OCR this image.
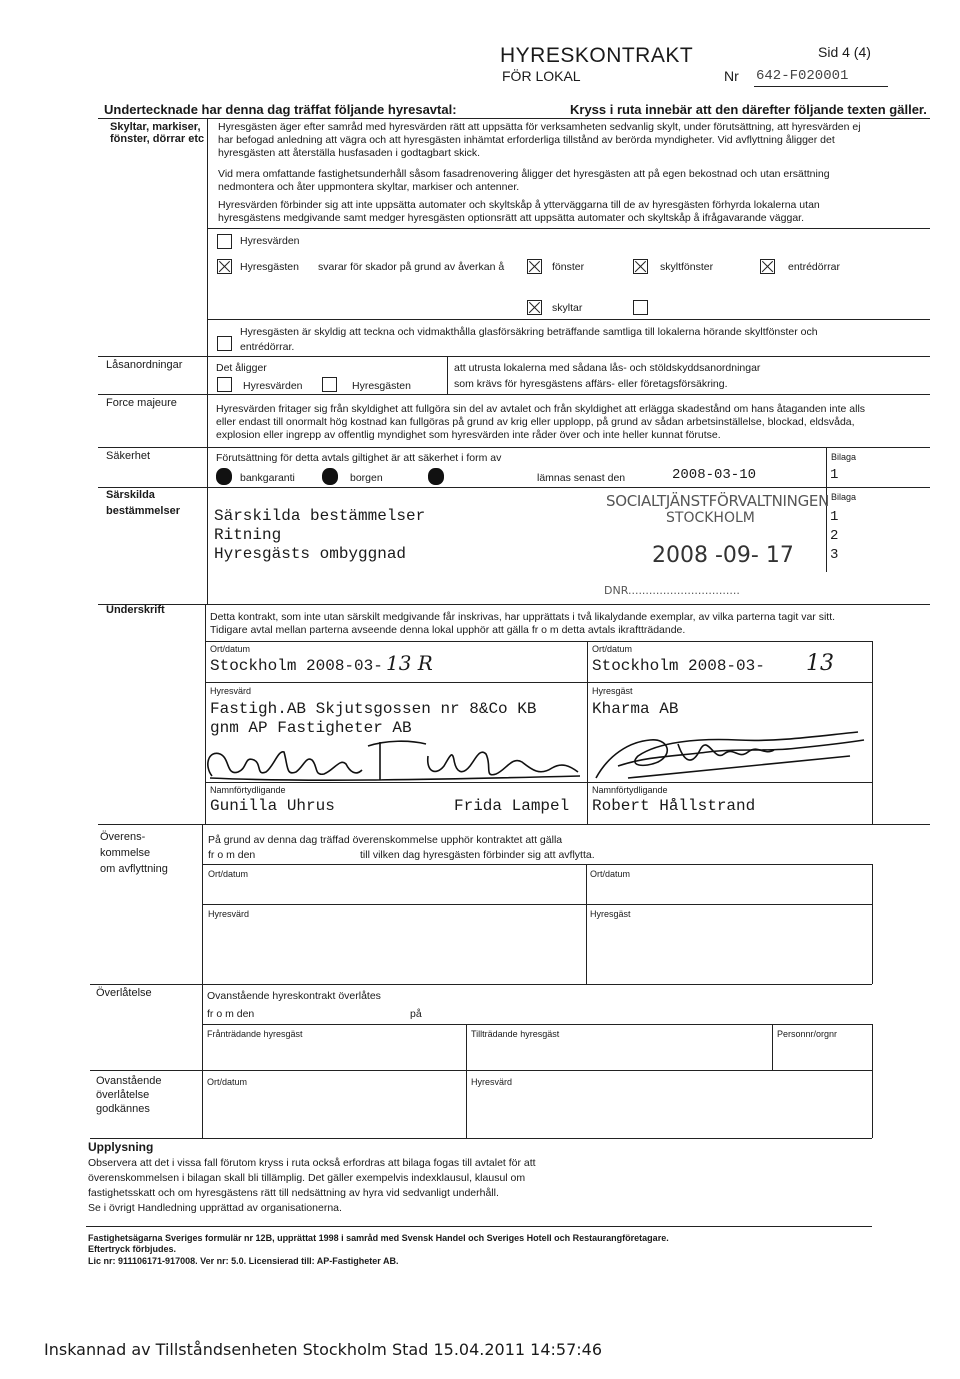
HYRESKONTRAKT
FÖR LOKAL
Sid 4 (4)
Nr 642-F020001
Undertecknade har denna dag träffat följande hyresavtal:	Kryss i ruta innebär att den därefter följande texten gäller.
Skyltar, markiser,
fönster, dörrar etc
Hyresgästen äger efter samråd med hyresvärden rätt att uppsätta för verksamheten sedvanlig skylt, under förutsättning, att hyresvärden ej har befogad anledning att vägra och att hyresgästen inhämtat erforderliga tillstånd av berörda myndigheter. Vid avflyttning åligger det hyresgästen att återställa husfasaden i godtagbart skick.
Vid mera omfattande fastighetsunderhåll såsom fasadrenovering åligger det hyresgästen att på egen bekostnad och utan ersättning nedmontera och åter uppmontera skyltar, markiser och antenner.
Hyresvärden förbinder sig att inte uppsätta automater och skyltskåp å ytterväggarna till de av hyresgästen förhyrda lokalerna utan hyresgästens medgivande samt medger hyresgästen optionsrätt att uppsätta automater och skyltskåp å ifrågavarande väggar.
Hyresvärden
Hyresgästen svarar för skador på grund av åverkan å	fönster	skyltfönster	entrédörrar
skyltar
Hyresgästen är skyldig att teckna och vidmakthålla glasförsäkring beträffande samtliga till lokalerna hörande skyltfönster och
entrédörrar.
Låsanordningar	Det åligger
Hyresvärden	Hyresgästen
att utrusta lokalerna med sådana lås- och stöldskyddsanordningar
som krävs för hyresgästens affärs- eller företagsförsäkring.
Force majeure	Hyresvärden fritager sig från skyldighet att fullgöra sin del av avtalet och från skyldighet att erlägga skadestånd om hans åtaganden inte alls eller endast till onormalt hög kostnad kan fullgöras på grund av krig eller upplopp, på grund av sådan arbetsinställelse, blockad, eldsvåda, explosion eller ingrepp av offentlig myndighet som hyresvärden inte råder över och inte heller kunnat förutse.
Säkerhet	Förutsättning för detta avtals giltighet är att säkerhet i form av	Bilaga
bankgaranti	borgen	lämnas senast den	2008-03-10	1
Särskilda
bestämmelser
Bilaga
Särskilda bestämmelser	1
Ritning	2
Hyresgästs ombyggnad	3
SOCIALTJÄNSTFÖRVALTNINGEN
STOCKHOLM
2008 -09- 17
DNR................................
Underskrift
Detta kontrakt, som inte utan särskilt medgivande får inskrivas, har upprättats i två likalydande exemplar, av vilka parterna tagit var sitt. Tidigare avtal mellan parterna avseende denna lokal upphör att gälla fr o m detta avtals ikraftträdande.
Ort/datum
Stockholm 2008-03- 13 R
Ort/datum
Stockholm 2008-03- 13
Hyresvärd
Fastigh.AB Skjutsgossen nr 8&Co KB
gnm AP Fastigheter AB
Hyresgäst
Kharma AB
Namnförtydligande
Gunilla Uhrus	Frida Lampel
Namnförtydligande
Robert Hållstrand
Överens-
kommelse
om avflyttning
På grund av denna dag träffad överenskommelse upphör kontraktet att gälla
fr o m den	till vilken dag hyresgästen förbinder sig att avflytta.
Ort/datum	Ort/datum
Hyresvärd	Hyresgäst
Överlåtelse	Ovanstående hyreskontrakt överlåtes
fr o m den	på
Frånträdande hyresgäst	Tillträdande hyresgäst	Personnr/orgnr
Ovanstående
överlåtelse
godkännes
Ort/datum	Hyresvärd
Upplysning
Observera att det i vissa fall förutom kryss i ruta också erfordras att bilaga fogas till avtalet för att
överenskommelsen i bilagan skall bli tillämplig. Det gäller exempelvis indexklausul, klausul om
fastighetsskatt och om hyresgästens rätt till nedsättning av hyra vid sedvanligt underhåll.
Se i övrigt Handledning upprättad av organisationerna.
Fastighetsägarna Sveriges formulär nr 12B, upprättat 1998 i samråd med Svensk Handel och Sveriges Hotell och Restaurangföretagare.
Eftertryck förbjudes.
Lic nr: 911106171-917008. Ver nr: 5.0. Licensierad till: AP-Fastigheter AB.
Inskannad av Tillståndsenheten Stockholm Stad 15.04.2011 14:57:46
